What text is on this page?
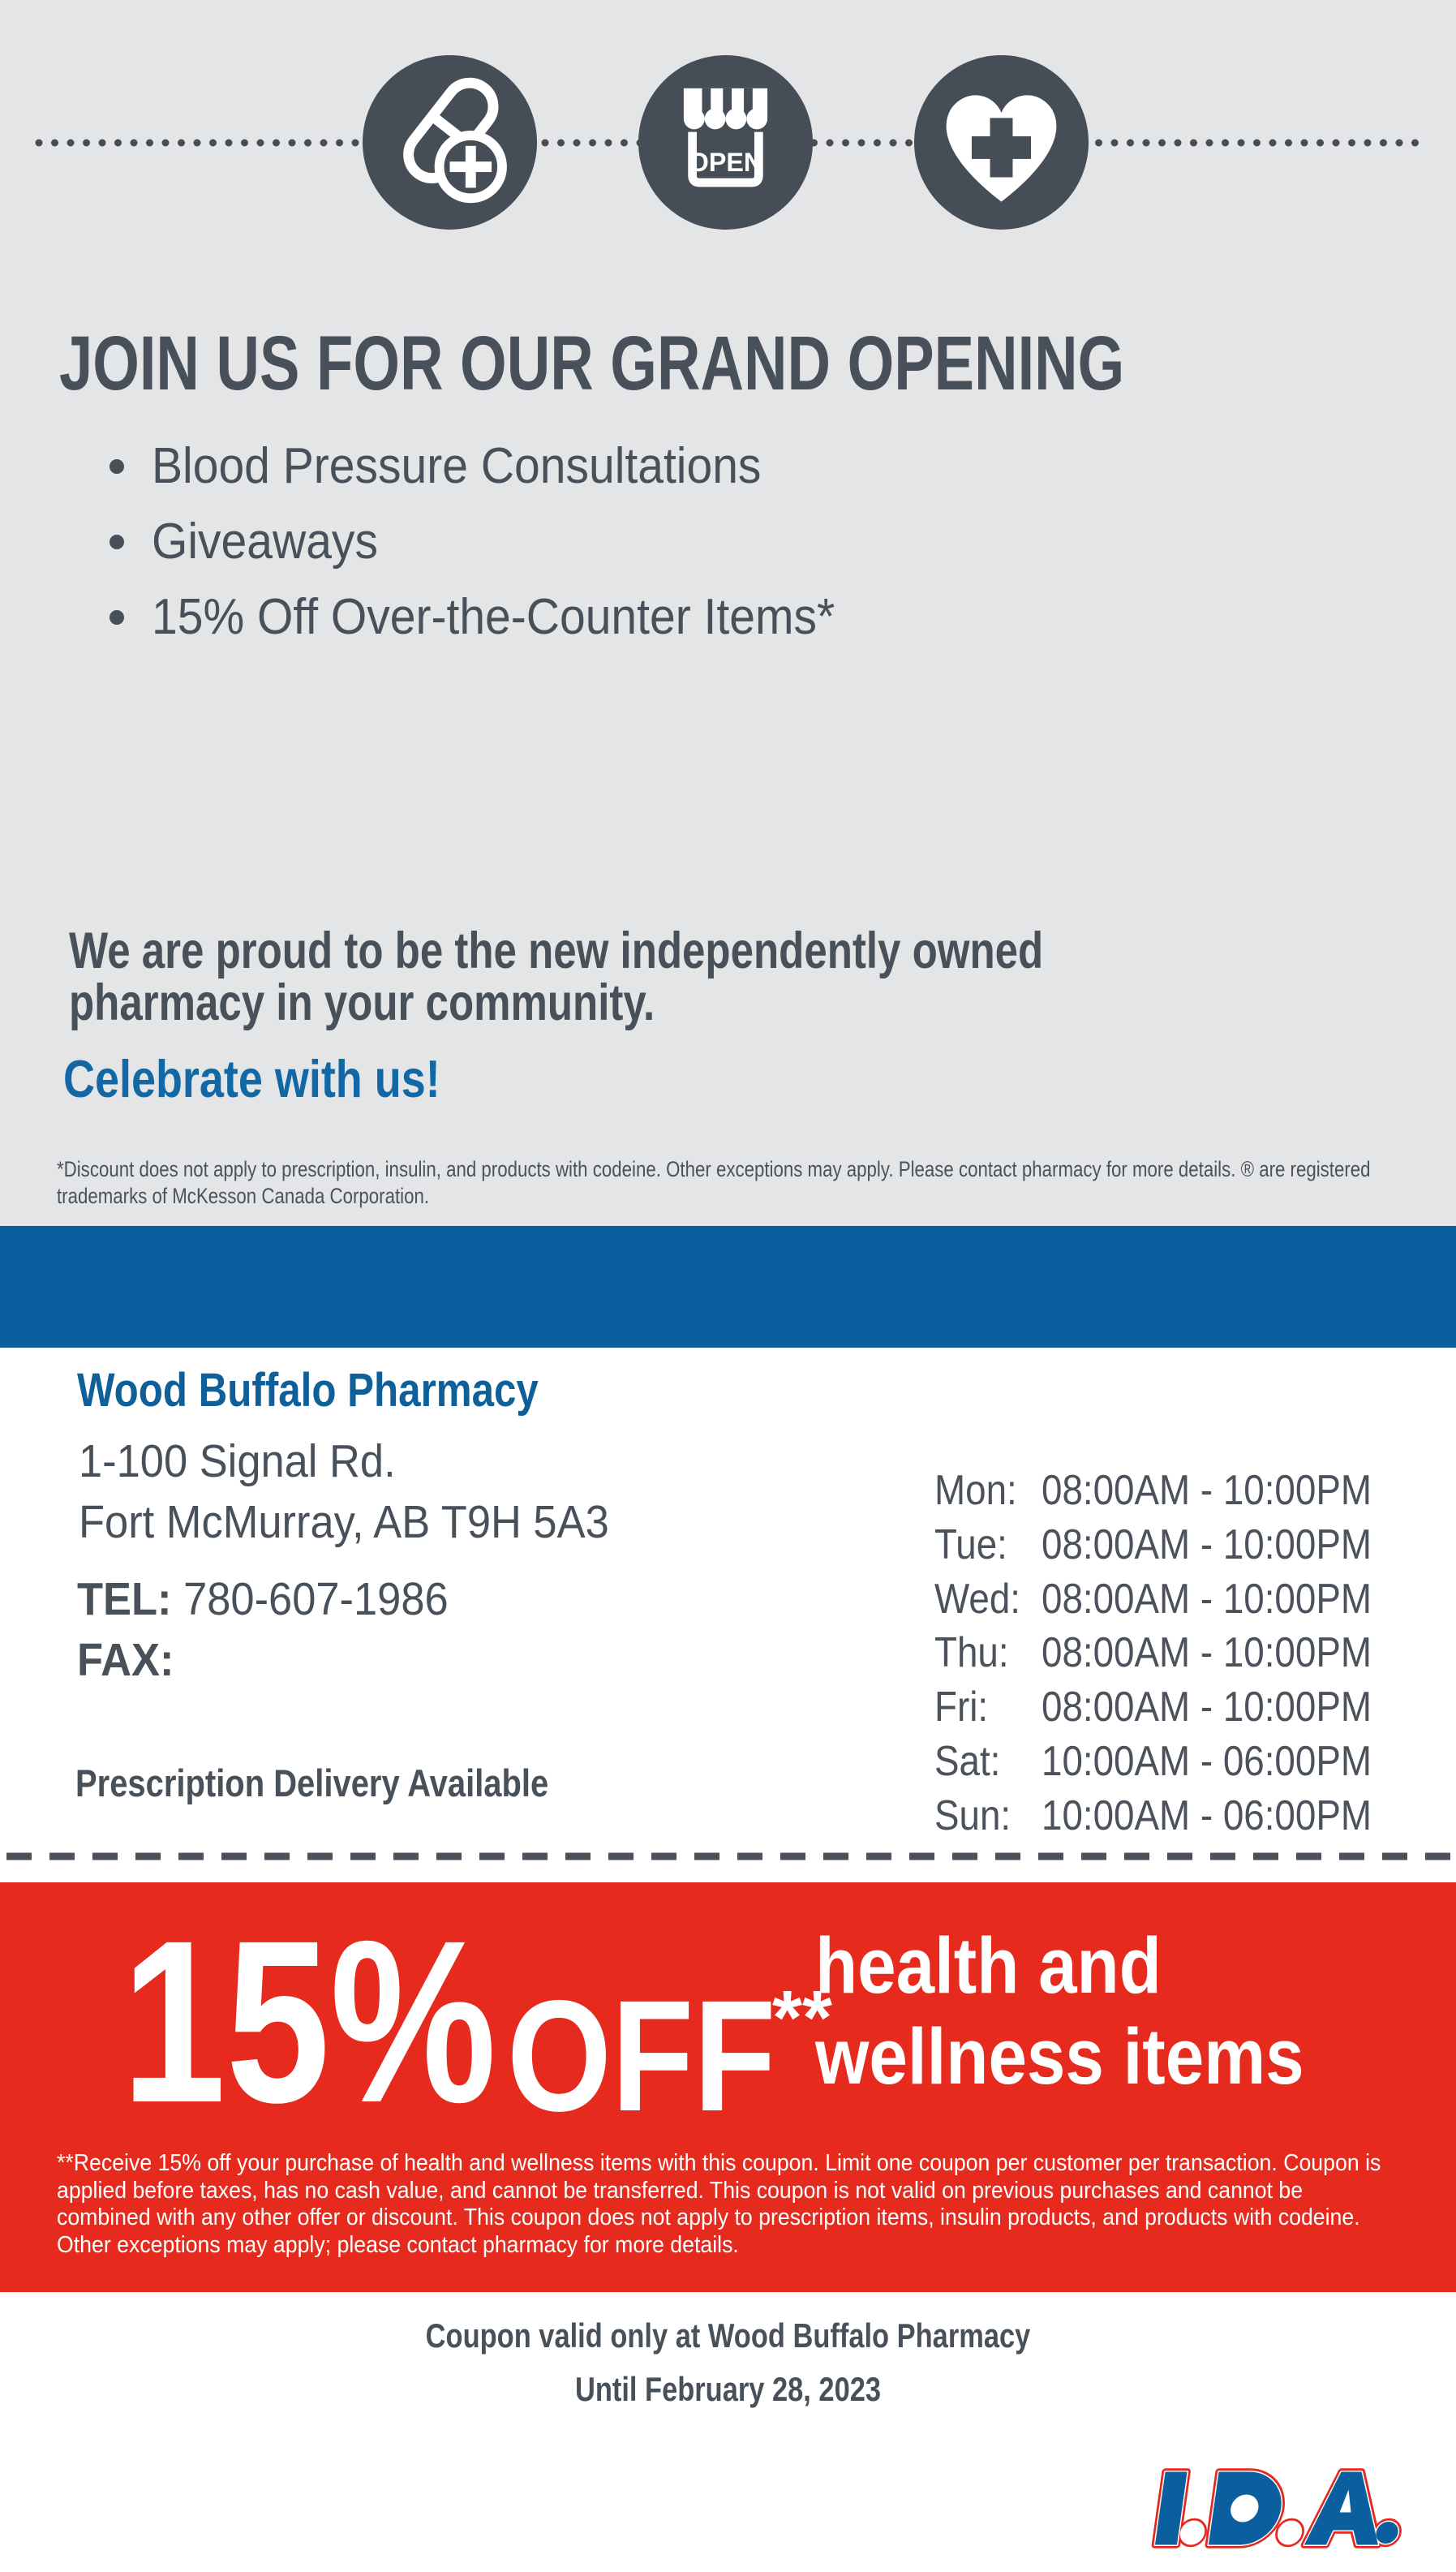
OPEN
JOIN US FOR OUR GRAND OPENING
Blood Pressure Consultations
Giveaways
15% Off Over-the-Counter Items*
We are proud to be the new independently owned
pharmacy in your community.
Celebrate with us!

*Discount does not apply to prescription, insulin, and products with codeine. Other exceptions may apply. Please contact pharmacy for more details. ® are registered trademarks of McKesson Canada Corporation.

®
Wood Buffalo Pharmacy
1-100 Signal Rd.
Fort McMurray, AB T9H 5A3
TEL: 780-607-1986
FAX:
Prescription Delivery Available
Mon:
Tue:
Wed:
Thu:
Fri:
Sat:
Sun:
08:00AM - 10:00PM
08:00AM - 10:00PM
08:00AM - 10:00PM
08:00AM - 10:00PM
08:00AM - 10:00PM
10:00AM - 06:00PM
10:00AM - 06:00PM
15% OFF
**
health and
wellness items

**Receive 15% off your purchase of health and wellness items with this coupon. Limit one coupon per customer per transaction. Coupon is applied before taxes, has no cash value, and cannot be transferred. This coupon is not valid on previous purchases and cannot be combined with any other offer or discount. This coupon does not apply to prescription items, insulin products, and products with codeine. Other exceptions may apply; please contact pharmacy for more details.

Coupon valid only at Wood Buffalo Pharmacy
Until February 28, 2023
